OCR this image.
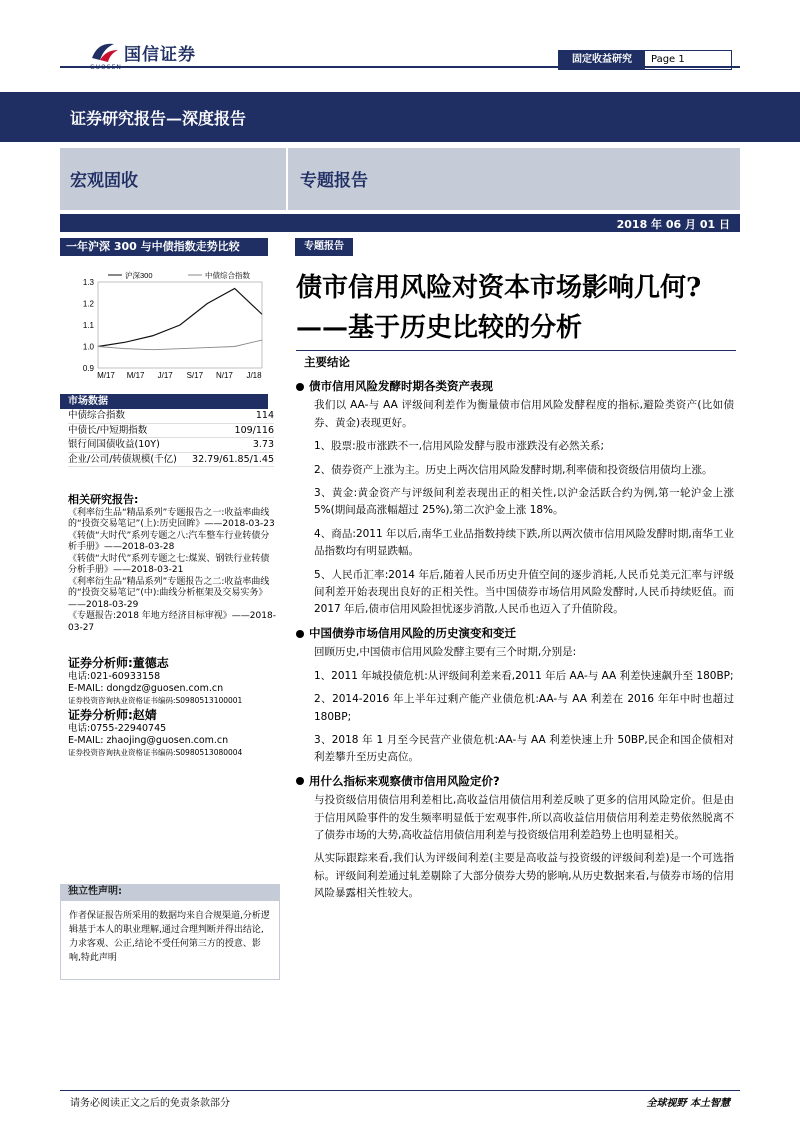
国信证券	固定收益研究	Page 1
证券研究报告—深度报告
宏观固收	专题报告
2018 年 06 月 01 日
一年沪深 300 与中债指数走势比较
1.3
1.2
1.1
1.0
0.9
M/17 M/17 J/17 S/17 N/17 J/18
沪深300	中债综合指数
市场数据
中债综合指数	114
中债长/中短期指数	109/116
银行间国债收益(10Y)	3.73
企业/公司/转债规模(千亿) 32.79/61.85/1.45
相关研究报告:
《利率衍生品“精品系列”专题报告之一:收益率曲线的“投资交易笔记”(上):历史回眸》——2018-03-23
《转债“大时代”系列专题之八:汽车整车行业转债分析手册》——2018-03-28
《转债“大时代”系列专题之七:煤炭、钢铁行业转债分析手册》——2018-03-21
《利率衍生品“精品系列”专题报告之二:收益率曲线的“投资交易笔记”(中):曲线分析框架及交易实务》——2018-03-29
《专题报告:2018 年地方经济目标审视》——2018-03-27
证券分析师:董德志
电话:021-60933158
E-MAIL: dongdz@guosen.com.cn
证券投资咨询执业资格证书编码:S0980513100001
证券分析师:赵婧
电话:0755-22940745
E-MAIL: zhaojing@guosen.com.cn
证券投资咨询执业资格证书编码:S0980513080004
独立性声明:
作者保证报告所采用的数据均来自合规渠道,分析逻辑基于本人的职业理解,通过合理判断并得出结论,力求客观、公正,结论不受任何第三方的授意、影响,特此声明
专题报告
债市信用风险对资本市场影响几何?——基于历史比较的分析
主要结论
债市信用风险发酵时期各类资产表现

我们以 AA-与 AA 评级间利差作为衡量债市信用风险发酵程度的指标,避险类资产(比如债券、黄金)表现更好。

1、股票:股市涨跌不一,信用风险发酵与股市涨跌没有必然关系;

2、债券资产上涨为主。历史上两次信用风险发酵时期,利率债和投资级信用债均上涨。

3、黄金:黄金资产与评级间利差表现出正的相关性,以沪金活跃合约为例,第一轮沪金上涨 5%(期间最高涨幅超过 25%),第二次沪金上涨 18%。

4、商品:2011 年以后,南华工业品指数持续下跌,所以两次债市信用风险发酵时期,南华工业品指数均有明显跌幅。

5、人民币汇率:2014 年后,随着人民币历史升值空间的逐步消耗,人民币兑美元汇率与评级间利差开始表现出良好的正相关性。当中国债券市场信用风险发酵时,人民币持续贬值。而 2017 年后,债市信用风险担忧逐步消散,人民币也迈入了升值阶段。

中国债券市场信用风险的历史演变和变迁

回顾历史,中国债市信用风险发酵主要有三个时期,分别是:

1、2011 年城投债危机:从评级间利差来看,2011 年后 AA-与 AA 利差快速飙升至 180BP;

2、2014-2016 年上半年过剩产能产业债危机:AA-与 AA 利差在 2016 年年中时也超过 180BP;

3、2018 年 1 月至今民营产业债危机:AA-与 AA 利差快速上升 50BP,民企和国企债相对利差攀升至历史高位。

用什么指标来观察债市信用风险定价?

与投资级信用债信用利差相比,高收益信用债信用利差反映了更多的信用风险定价。但是由于信用风险事件的发生频率明显低于宏观事件,所以高收益信用债信用利差走势依然脱离不了债券市场的大势,高收益信用债信用利差与投资级信用利差趋势上也明显相关。

从实际跟踪来看,我们认为评级间利差(主要是高收益与投资级的评级间利差)是一个可选指标。评级间利差通过轧差剔除了大部分债券大势的影响,从历史数据来看,与债券市场的信用风险暴露相关性较大。

请务必阅读正文之后的免责条款部分	全球视野 本土智慧
